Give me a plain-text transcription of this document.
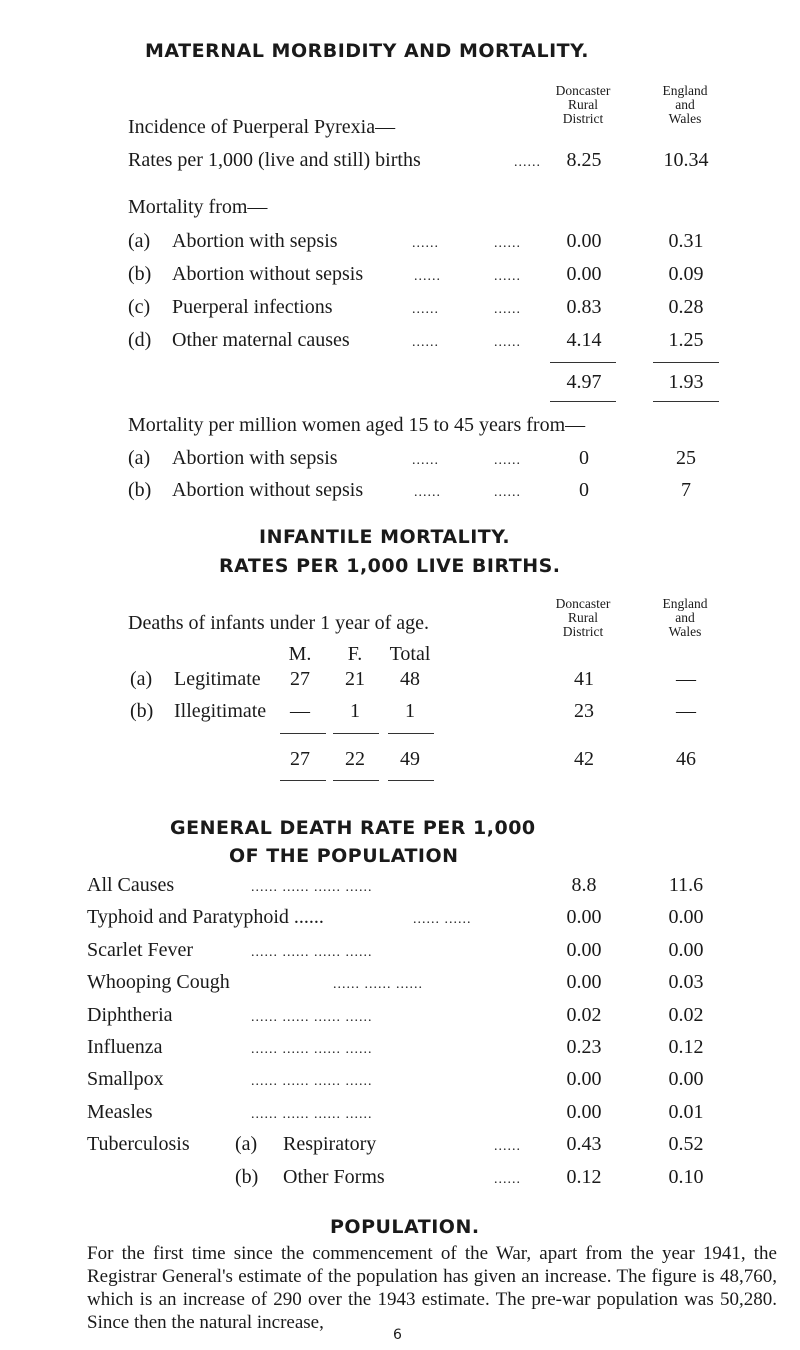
MATERNAL MORBIDITY AND MORTALITY.
Doncaster
Rural
District
England
and
Wales
Incidence of Puerperal Pyrexia—
Rates per 1,000 (live and still) births	......	8.25	10.34
Mortality from—
(a) Abortion with sepsis	......	......	0.00	0.31
(b) Abortion without sepsis	......	......	0.00	0.09
(c) Puerperal infections	......	......	0.83	0.28
(d) Other maternal causes	......	......	4.14	1.25
4.97	1.93
Mortality per million women aged 15 to 45 years from—
(a) Abortion with sepsis	......	......	0	25
(b) Abortion without sepsis	......	......	0	7
INFANTILE MORTALITY.
RATES PER 1,000 LIVE BIRTHS.
Doncaster
Rural
District
England
and
Wales
Deaths of infants under 1 year of age.
M.	F.	Total
(a) Legitimate	27	21	48	41	—
(b) Illegitimate	—	1	1	23	—
27	22	49	42	46
GENERAL DEATH RATE PER 1,000
OF THE POPULATION
All Causes	...... ...... ...... ......	8.8	11.6
Typhoid and Paratyphoid ......	...... ......	0.00	0.00
Scarlet Fever	...... ...... ...... ......	0.00	0.00
Whooping Cough	...... ...... ......	0.00	0.03
Diphtheria	...... ...... ...... ......	0.02	0.02
Influenza	...... ...... ...... ......	0.23	0.12
Smallpox	...... ...... ...... ......	0.00	0.00
Measles	...... ...... ...... ......	0.00	0.01
Tuberculosis (a) Respiratory	......	0.43	0.52
(b) Other Forms	......	0.12	0.10
POPULATION.
For the first time since the commencement of the War, apart from the year 1941, the Registrar General's estimate of the population has given an increase. The figure is 48,760, which is an increase of 290 over the 1943 estimate. The pre-war population was 50,280. Since then the natural increase,
6
